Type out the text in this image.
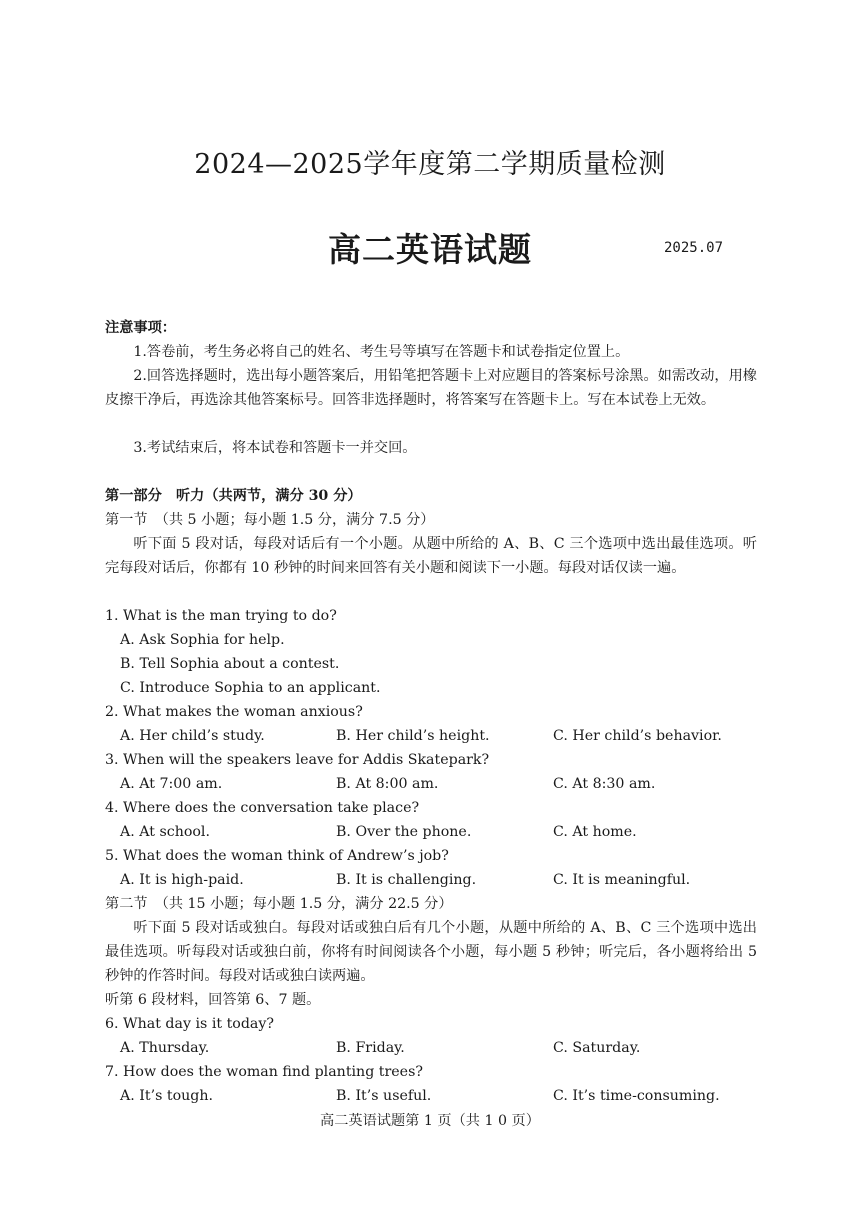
2024—2025学年度第二学期质量检测
高二英语试题	2025.07
注意事项：
1.答卷前，考生务必将自己的姓名、考生号等填写在答题卡和试卷指定位置上。
2.回答选择题时，选出每小题答案后，用铅笔把答题卡上对应题目的答案标号涂黑。如需改动，用橡皮擦干净后，再选涂其他答案标号。回答非选择题时，将答案写在答题卡上。写在本试卷上无效。
3.考试结束后，将本试卷和答题卡一并交回。
第一部分　听力（共两节，满分 30 分）
第一节　（共 5 小题；每小题 1.5 分，满分 7.5 分）
听下面 5 段对话，每段对话后有一个小题。从题中所给的 A、B、C 三个选项中选出最佳选项。听完每段对话后，你都有 10 秒钟的时间来回答有关小题和阅读下一小题。每段对话仅读一遍。
1. What is the man trying to do?
A. Ask Sophia for help.
B. Tell Sophia about a contest.
C. Introduce Sophia to an applicant.
2. What makes the woman anxious?
A. Her child’s study.	B. Her child’s height.	C. Her child’s behavior.
3. When will the speakers leave for Addis Skatepark?
A. At 7:00 am.	B. At 8:00 am.	C. At 8:30 am.
4. Where does the conversation take place?
A. At school.	B. Over the phone.	C. At home.
5. What does the woman think of Andrew’s job?
A. It is high-paid.	B. It is challenging.	C. It is meaningful.
第二节　（共 15 小题；每小题 1.5 分，满分 22.5 分）
听下面 5 段对话或独白。每段对话或独白后有几个小题，从题中所给的 A、B、C 三个选项中选出最佳选项。听每段对话或独白前，你将有时间阅读各个小题，每小题 5 秒钟；听完后，各小题将给出 5 秒钟的作答时间。每段对话或独白读两遍。
听第 6 段材料，回答第 6、7 题。
6. What day is it today?
A. Thursday.	B. Friday.	C. Saturday.
7. How does the woman find planting trees?
A. It’s tough.	B. It’s useful.	C. It’s time-consuming.
高二英语试题第 1 页（共 1 0 页）
